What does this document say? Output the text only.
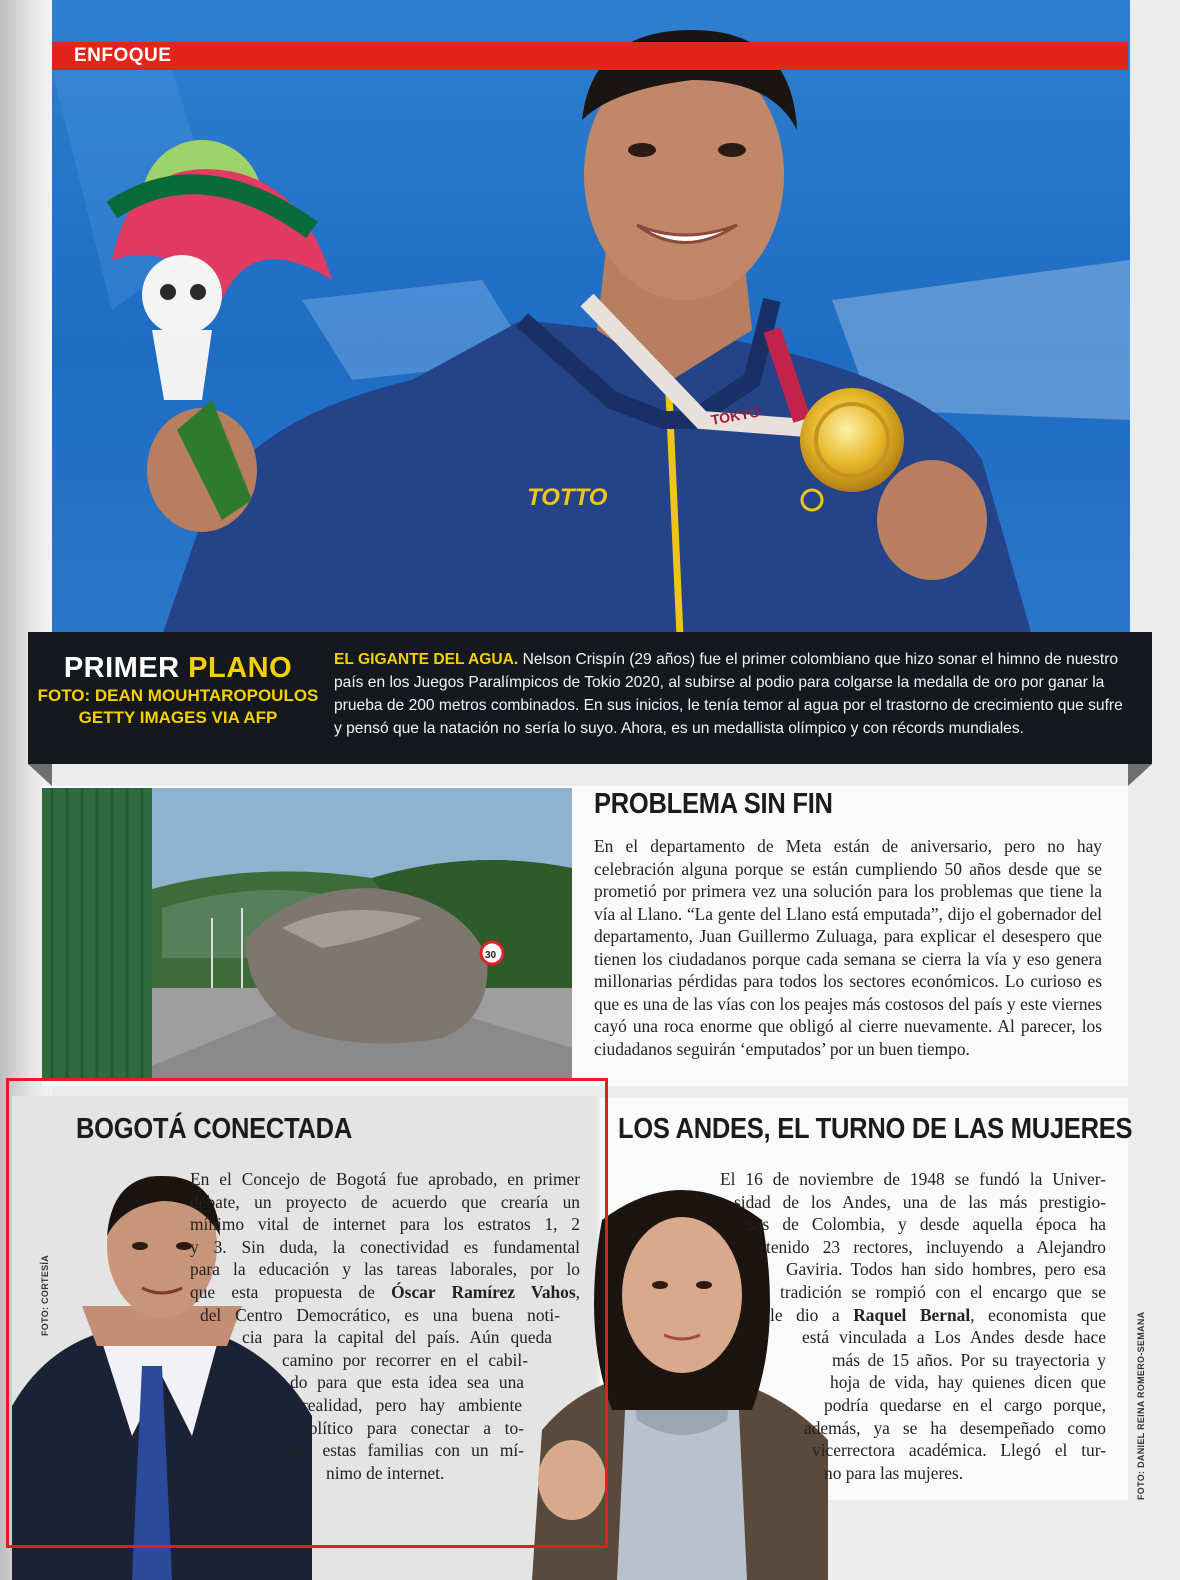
TOKYO
TOTTO
ENFOQUE
PRIMER PLANO
FOTO: DEAN MOUHTAROPOULOS
GETTY IMAGES VIA AFP
EL GIGANTE DEL AGUA. Nelson Crispín (29 años) fue el primer colombiano que hizo sonar el himno de nuestro país en los Juegos Paralímpicos de Tokio 2020, al subirse al podio para colgarse la medalla de oro por ganar la prueba de 200 metros combinados. En sus inicios, le tenía temor al agua por el trastorno de crecimiento que sufre y pensó que la natación no sería lo suyo. Ahora, es un medallista olímpico y con récords mundiales.
30
PROBLEMA SIN FIN

En el departamento de Meta están de aniversario, pero no hay celebración alguna porque se están cumpliendo 50 años desde que se prometió por primera vez una solución para los problemas que tiene la vía al Llano. “La gente del Llano está emputada”, dijo el gobernador del departamento, Juan Guillermo Zuluaga, para explicar el desespero que tienen los ciudadanos porque cada semana se cierra la vía y eso genera millonarias pérdidas para todos los sectores económicos. Lo curioso es que es una de las vías con los peajes más costosos del país y este viernes cayó una roca enorme que obligó al cierre nuevamente. Al parecer, los ciudadanos seguirán ‘emputados’ por un buen tiempo.

BOGOTÁ CONECTADA
En el Concejo de Bogotá fue aprobado, en primer
debate, un proyecto de acuerdo que crearía un
mínimo vital de internet para los estratos 1, 2
y 3. Sin duda, la conectividad es fundamental
para la educación y las tareas laborales, por lo
que esta propuesta de Óscar Ramírez Vahos,
del Centro Democrático, es una buena noti-
cia para la capital del país. Aún queda
camino por recorrer en el cabil-
do para que esta idea sea una
realidad, pero hay ambiente
político para conectar a to-
das estas familias con un mí-
nimo de internet.
FOTO: CORTESÍA
LOS ANDES, EL TURNO DE LAS MUJERES
El 16 de noviembre de 1948 se fundó la Univer-
sidad de los Andes, una de las más prestigio-
sas de Colombia, y desde aquella época ha
tenido 23 rectores, incluyendo a Alejandro
Gaviria. Todos han sido hombres, pero esa
tradición se rompió con el encargo que se
le dio a Raquel Bernal, economista que
está vinculada a Los Andes desde hace
más de 15 años. Por su trayectoria y
hoja de vida, hay quienes dicen que
podría quedarse en el cargo porque,
además, ya se ha desempeñado como
vicerrectora académica. Llegó el tur-
no para las mujeres.	FOTO: DANIEL REINA ROMERO-SEMANA
